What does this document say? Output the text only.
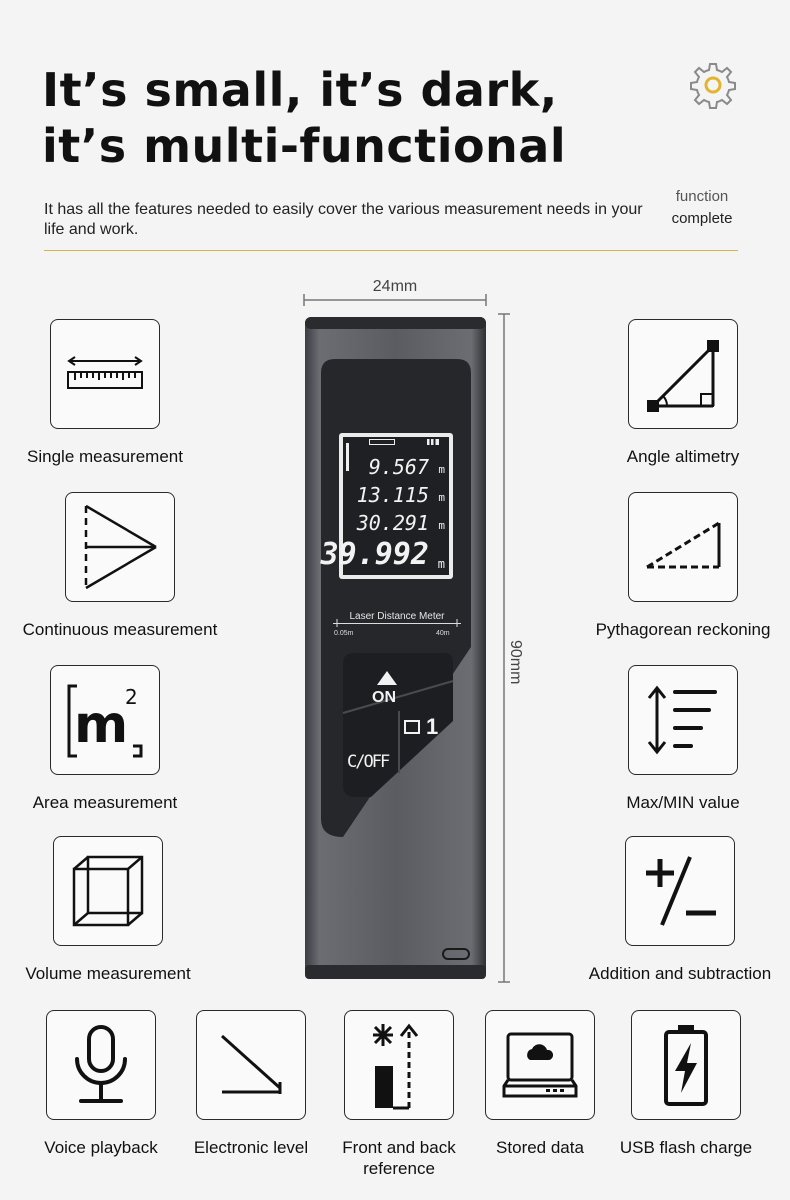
It’s small, it’s dark,
it’s multi-functional
It has all the features needed to easily cover the various measurement needs in your life and work.
function
complete
Single measurement
Continuous measurement
m
2
Area measurement
Volume measurement
Angle altimetry
Pythagorean reckoning
Max/MIN value
Addition and subtraction
Voice playback	Electronic level	Front and back reference
Stored data	USB flash charge
24mm
90mm
9.567
13.115
30.291
39.992
m
m
m
m
Laser Distance Meter
0.05m	40m
ON
1
C/OFF
